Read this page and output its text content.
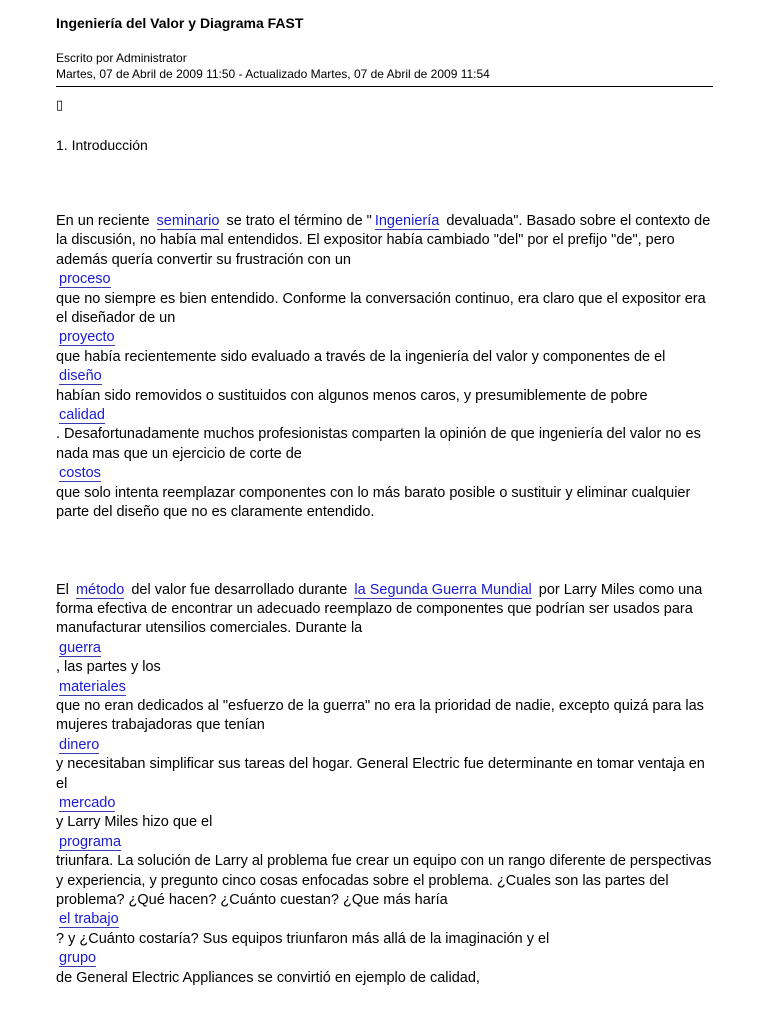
Ingeniería del Valor y Diagrama FAST
Escrito por Administrator
Martes, 07 de Abril de 2009 11:50 - Actualizado Martes, 07 de Abril de 2009 11:54
▯
1. Introducción

En un reciente seminario se trato el término de " Ingeniería devaluada". Basado sobre el contexto de la discusión, no había mal entendidos. El expositor había cambiado "del" por el prefijo "de", pero además quería convertir su frustración con un
proceso
que no siempre es bien entendido. Conforme la conversación continuo, era claro que el expositor era el diseñador de un
proyecto
que había recientemente sido evaluado a través de la ingeniería del valor y componentes de el
diseño
habían sido removidos o sustituidos con algunos menos caros, y presumiblemente de pobre
calidad
. Desafortunadamente muchos profesionistas comparten la opinión de que ingeniería del valor no es nada mas que un ejercicio de corte de
costos
que solo intenta reemplazar componentes con lo más barato posible o sustituir y eliminar cualquier parte del diseño que no es claramente entendido.

El método del valor fue desarrollado durante la Segunda Guerra Mundial por Larry Miles como una forma efectiva de encontrar un adecuado reemplazo de componentes que podrían ser usados para manufacturar utensilios comerciales. Durante la
guerra
, las partes y los
materiales
que no eran dedicados al "esfuerzo de la guerra" no era la prioridad de nadie, excepto quizá para las mujeres trabajadoras que tenían
dinero
y necesitaban simplificar sus tareas del hogar. General Electric fue determinante en tomar ventaja en el
mercado
y Larry Miles hizo que el
programa
triunfara. La solución de Larry al problema fue crear un equipo con un rango diferente de perspectivas y experiencia, y pregunto cinco cosas enfocadas sobre el problema. ¿Cuales son las partes del problema? ¿Qué hacen? ¿Cuánto cuestan? ¿Que más haría
el trabajo
? y ¿Cuánto costaría? Sus equipos triunfaron más allá de la imaginación y el
grupo
de General Electric Appliances se convirtió en ejemplo de calidad,
